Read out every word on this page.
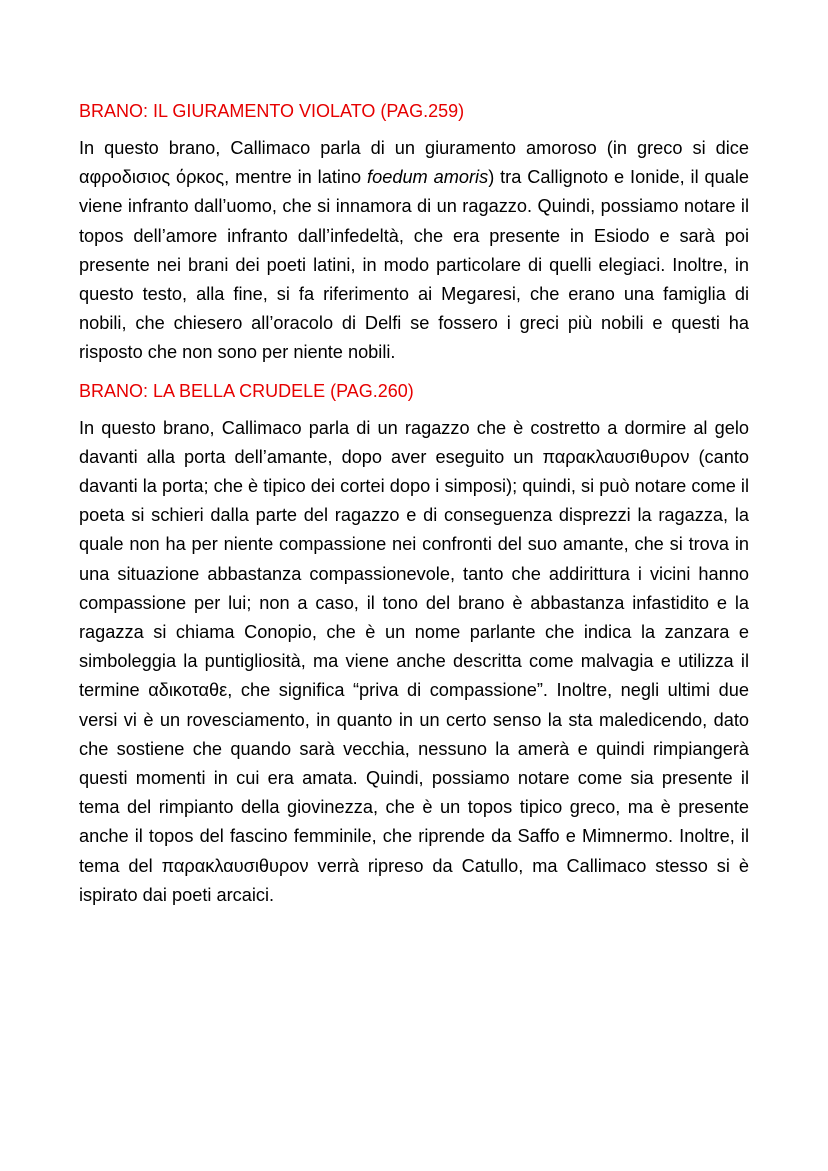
BRANO: IL GIURAMENTO VIOLATO (PAG.259)

In questo brano, Callimaco parla di un giuramento amoroso (in greco si dice αφροδισιος όρκος, mentre in latino foedum amoris) tra Callignoto e Ionide, il quale viene infranto dall’uomo, che si innamora di un ragazzo. Quindi, possiamo notare il topos dell’amore infranto dall’infedeltà, che era presente in Esiodo e sarà poi presente nei brani dei poeti latini, in modo particolare di quelli elegiaci. Inoltre, in questo testo, alla fine, si fa riferimento ai Megaresi, che erano una famiglia di nobili, che chiesero all’oracolo di Delfi se fossero i greci più nobili e questi ha risposto che non sono per niente nobili.

BRANO: LA BELLA CRUDELE (PAG.260)

In questo brano, Callimaco parla di un ragazzo che è costretto a dormire al gelo davanti alla porta dell’amante, dopo aver eseguito un παρακλαυσιθυρον (canto davanti la porta; che è tipico dei cortei dopo i simposi); quindi, si può notare come il poeta si schieri dalla parte del ragazzo e di conseguenza disprezzi la ragazza, la quale non ha per niente compassione nei confronti del suo amante, che si trova in una situazione abbastanza compassionevole, tanto che addirittura i vicini hanno compassione per lui; non a caso, il tono del brano è abbastanza infastidito e la ragazza si chiama Conopio, che è un nome parlante che indica la zanzara e simboleggia la puntigliosità, ma viene anche descritta come malvagia e utilizza il termine αδικοταθε, che significa “priva di compassione”. Inoltre, negli ultimi due versi vi è un rovesciamento, in quanto in un certo senso la sta maledicendo, dato che sostiene che quando sarà vecchia, nessuno la amerà e quindi rimpiangerà questi momenti in cui era amata. Quindi, possiamo notare come sia presente il tema del rimpianto della giovinezza, che è un topos tipico greco, ma è presente anche il topos del fascino femminile, che riprende da Saffo e Mimnermo. Inoltre, il tema del παρακλαυσιθυρον verrà ripreso da Catullo, ma Callimaco stesso si è ispirato dai poeti arcaici.
